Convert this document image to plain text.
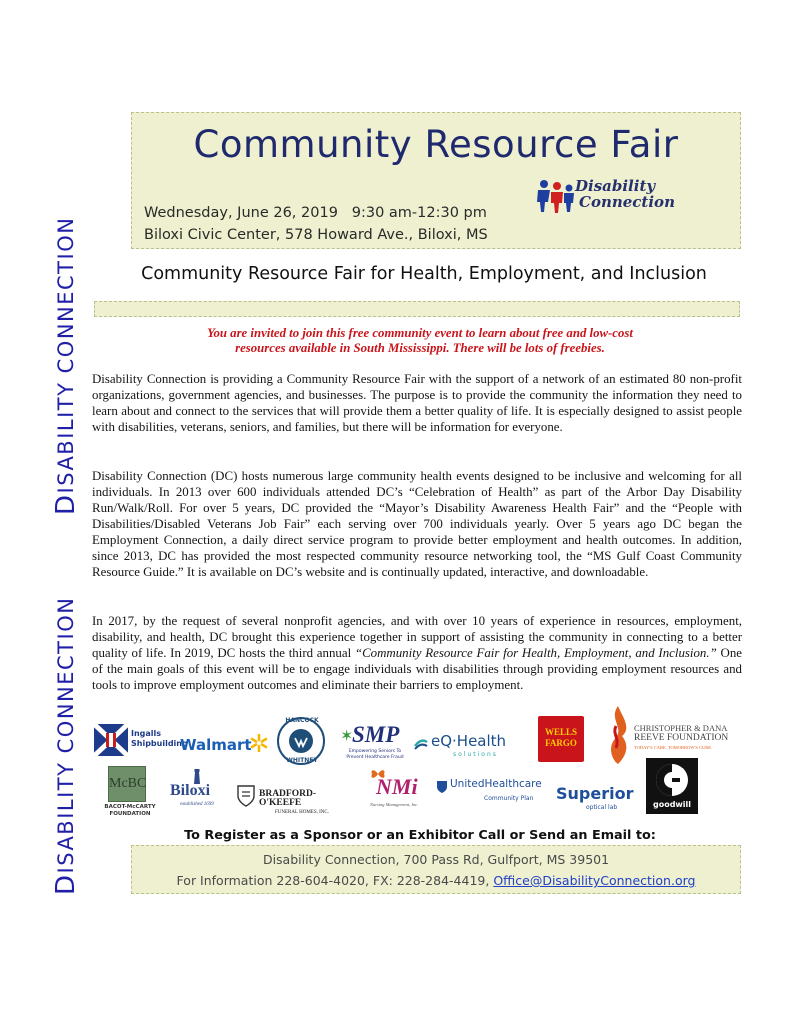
DISABILITY CONNECTION
DISABILITY CONNECTION
Community Resource Fair
Disability
Connection
Wednesday, June 26, 2019   9:30 am-12:30 pm
Biloxi Civic Center, 578 Howard Ave., Biloxi, MS
Community Resource Fair for Health, Employment, and Inclusion
You are invited to join this free community event to learn about free and low-cost
resources available in South Mississippi. There will be lots of freebies.
Disability Connection is providing a Community Resource Fair with the support of a network of an estimated 80 non-profit organizations, government agencies, and businesses. The purpose is to provide the community the information they need to learn about and connect to the services that will provide them a better quality of life. It is especially designed to assist people with disabilities, veterans, seniors, and families, but there will be information for everyone.
Disability Connection (DC) hosts numerous large community health events designed to be inclusive and welcoming for all individuals. In 2013 over 600 individuals attended DC’s “Celebration of Health” as part of the Arbor Day Disability Run/Walk/Roll. For over 5 years, DC provided the “Mayor’s Disability Awareness Health Fair” and the “People with Disabilities/Disabled Veterans Job Fair” each serving over 700 individuals yearly. Over 5 years ago DC began the Employment Connection, a daily direct service program to provide better employment and health outcomes. In addition, since 2013, DC has provided the most respected community resource networking tool, the “MS Gulf Coast Community Resource Guide.” It is available on DC’s website and is continually updated, interactive, and downloadable.
In 2017, by the request of several nonprofit agencies, and with over 10 years of experience in resources, employment, disability, and health, DC brought this experience together in support of assisting the community in connecting to a better quality of life. In 2019, DC hosts the third annual “Community Resource Fair for Health, Employment, and Inclusion.” One of the main goals of this event will be to engage individuals with disabilities through providing employment resources and tools to improve employment outcomes and eliminate their barriers to employment.
Ingalls
Shipbuilding
Walmart
HANCOCK
WHITNEY
✶
SMP
Empowering Seniors To
Prevent Healthcare Fraud
eQ·Health
solutions
WELLS
FARGO
CHRISTOPHER & DANA
REEVE FOUNDATION
TODAY'S CARE. TOMORROW'S CURE.
McBC
BACOT-McCARTY
FOUNDATION
Biloxi
established 1699
BRADFORD-O'KEEFE
FUNERAL HOMES, INC.
NMi
Nursing Management, Inc.
UnitedHealthcare
Community Plan Superior
optical lab	goodwill
To Register as a Sponsor or an Exhibitor Call or Send an Email to:
Disability Connection, 700 Pass Rd, Gulfport, MS 39501
For Information 228-604-4020, FX: 228-284-4419, Office@DisabilityConnection.org
